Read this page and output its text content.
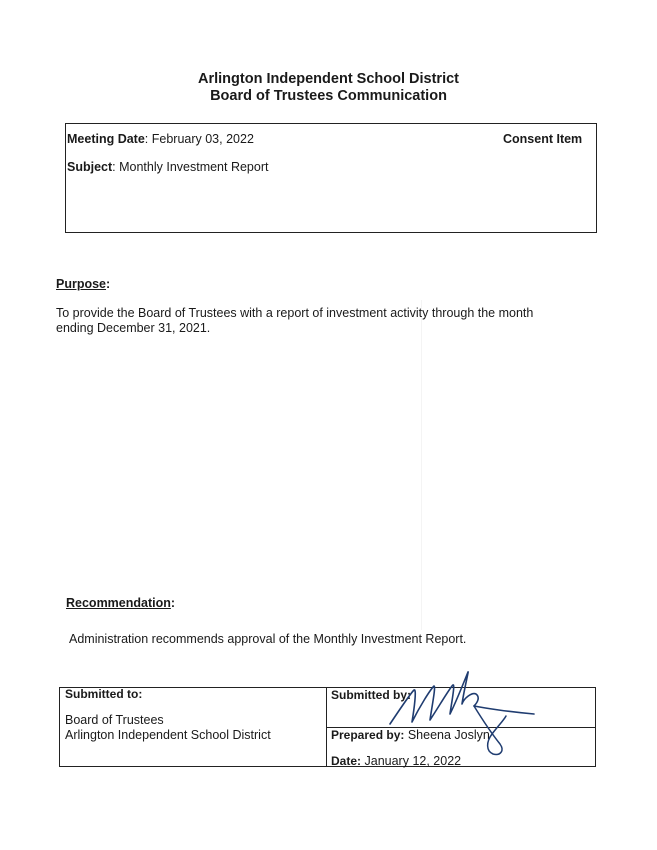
Arlington Independent School District
Board of Trustees Communication
Meeting Date: February 03, 2022	Consent Item
Subject: Monthly Investment Report
Purpose:
To provide the Board of Trustees with a report of investment activity through the month
ending December 31, 2021.
Recommendation:
Administration recommends approval of the Monthly Investment Report.
Submitted to:
Board of Trustees
Arlington Independent School District
Submitted by:
Prepared by: Sheena Joslyn
Date: January 12, 2022
